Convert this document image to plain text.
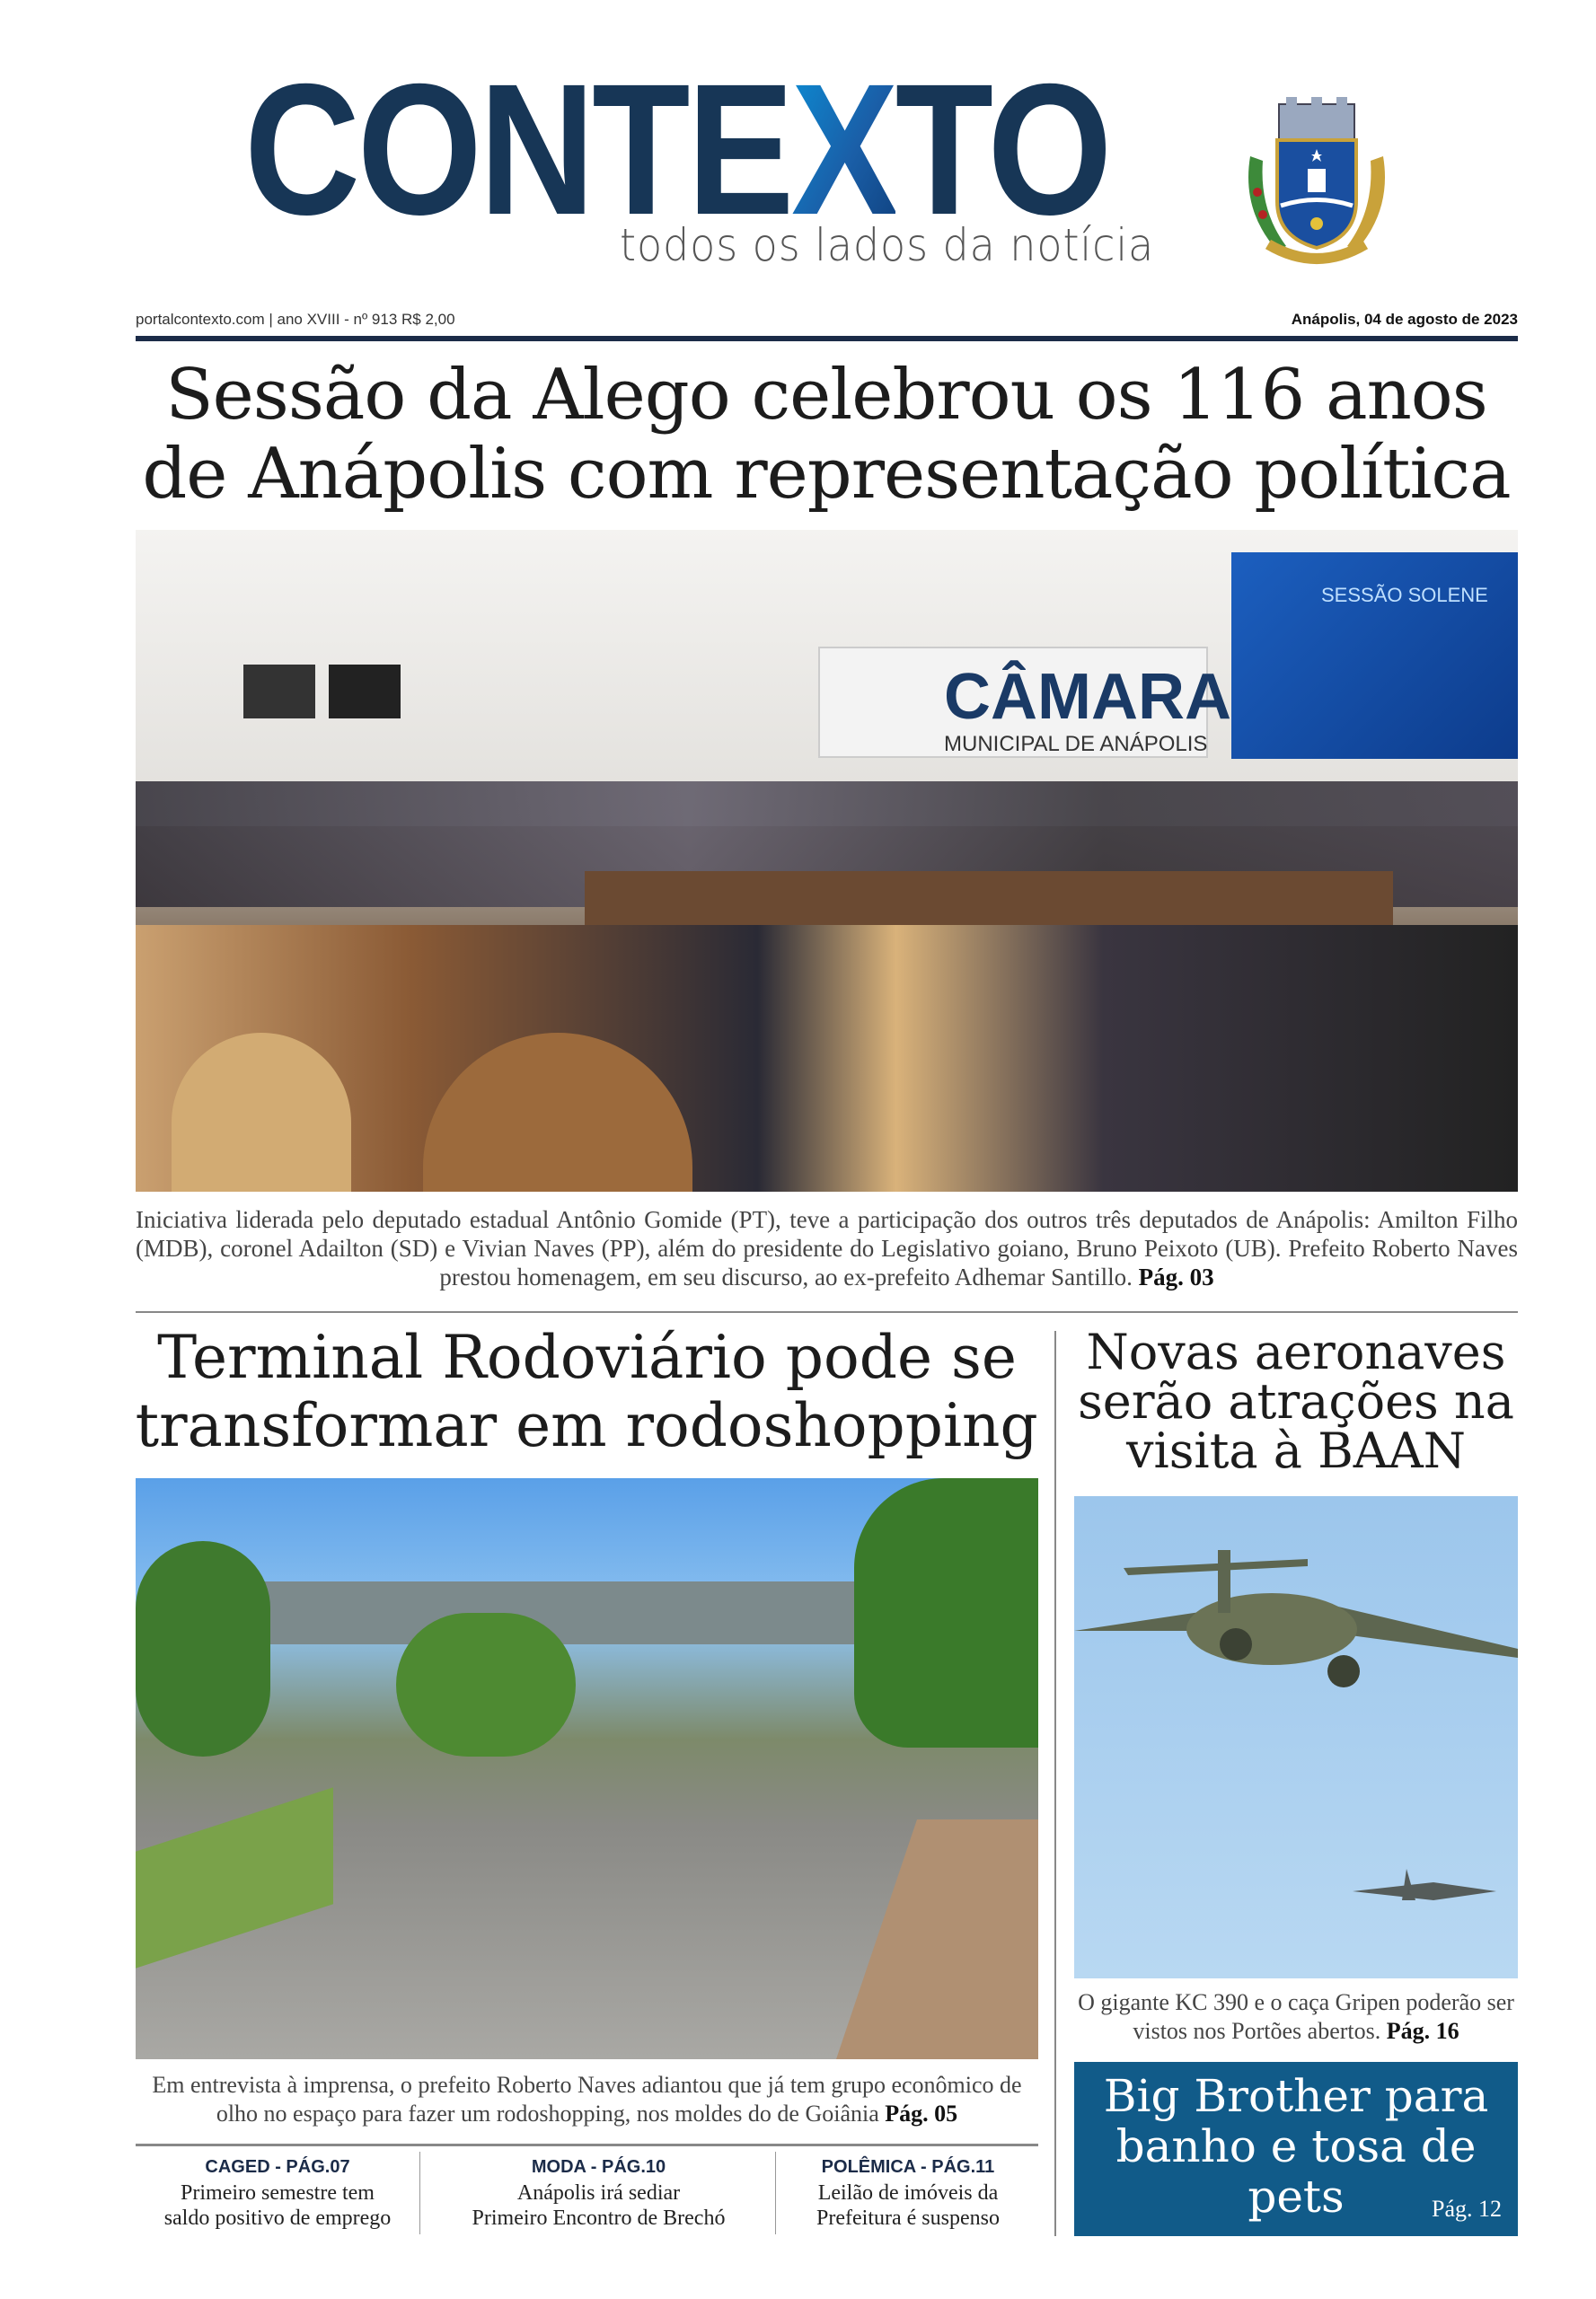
CONTEXTO
todos os lados da notícia
portalcontexto.com | ano XVIII - nº 913 R$ 2,00	Anápolis, 04 de agosto de 2023
Sessão da Alego celebrou os 116 anos
de Anápolis com representação política
CÂMARA
MUNICIPAL DE ANÁPOLIS
SESSÃO SOLENE
Iniciativa liderada pelo deputado estadual Antônio Gomide (PT), teve a participação dos outros três deputados de Anápolis: Amilton Filho (MDB), coronel Adailton (SD) e Vivian Naves (PP), além do presidente do Legislativo goiano, Bruno Peixoto (UB). Prefeito Roberto Naves prestou homenagem, em seu discurso, ao ex-prefeito Adhemar Santillo. Pág. 03
Terminal Rodoviário pode se
transformar em rodoshopping
Em entrevista à imprensa, o prefeito Roberto Naves adiantou que já tem grupo econômico de olho no espaço para fazer um rodoshopping, nos moldes do de Goiânia Pág. 05
CAGED - PÁG.07
Primeiro semestre tem
saldo positivo de emprego
MODA - PÁG.10
Anápolis irá sediar
Primeiro Encontro de Brechó
POLÊMICA - PÁG.11
Leilão de imóveis da
Prefeitura é suspenso
Novas aeronaves
serão atrações na
visita à BAAN
O gigante KC 390 e o caça Gripen poderão ser vistos nos Portões abertos. Pág. 16
Big Brother para
banho e tosa de
pets	Pág. 12
